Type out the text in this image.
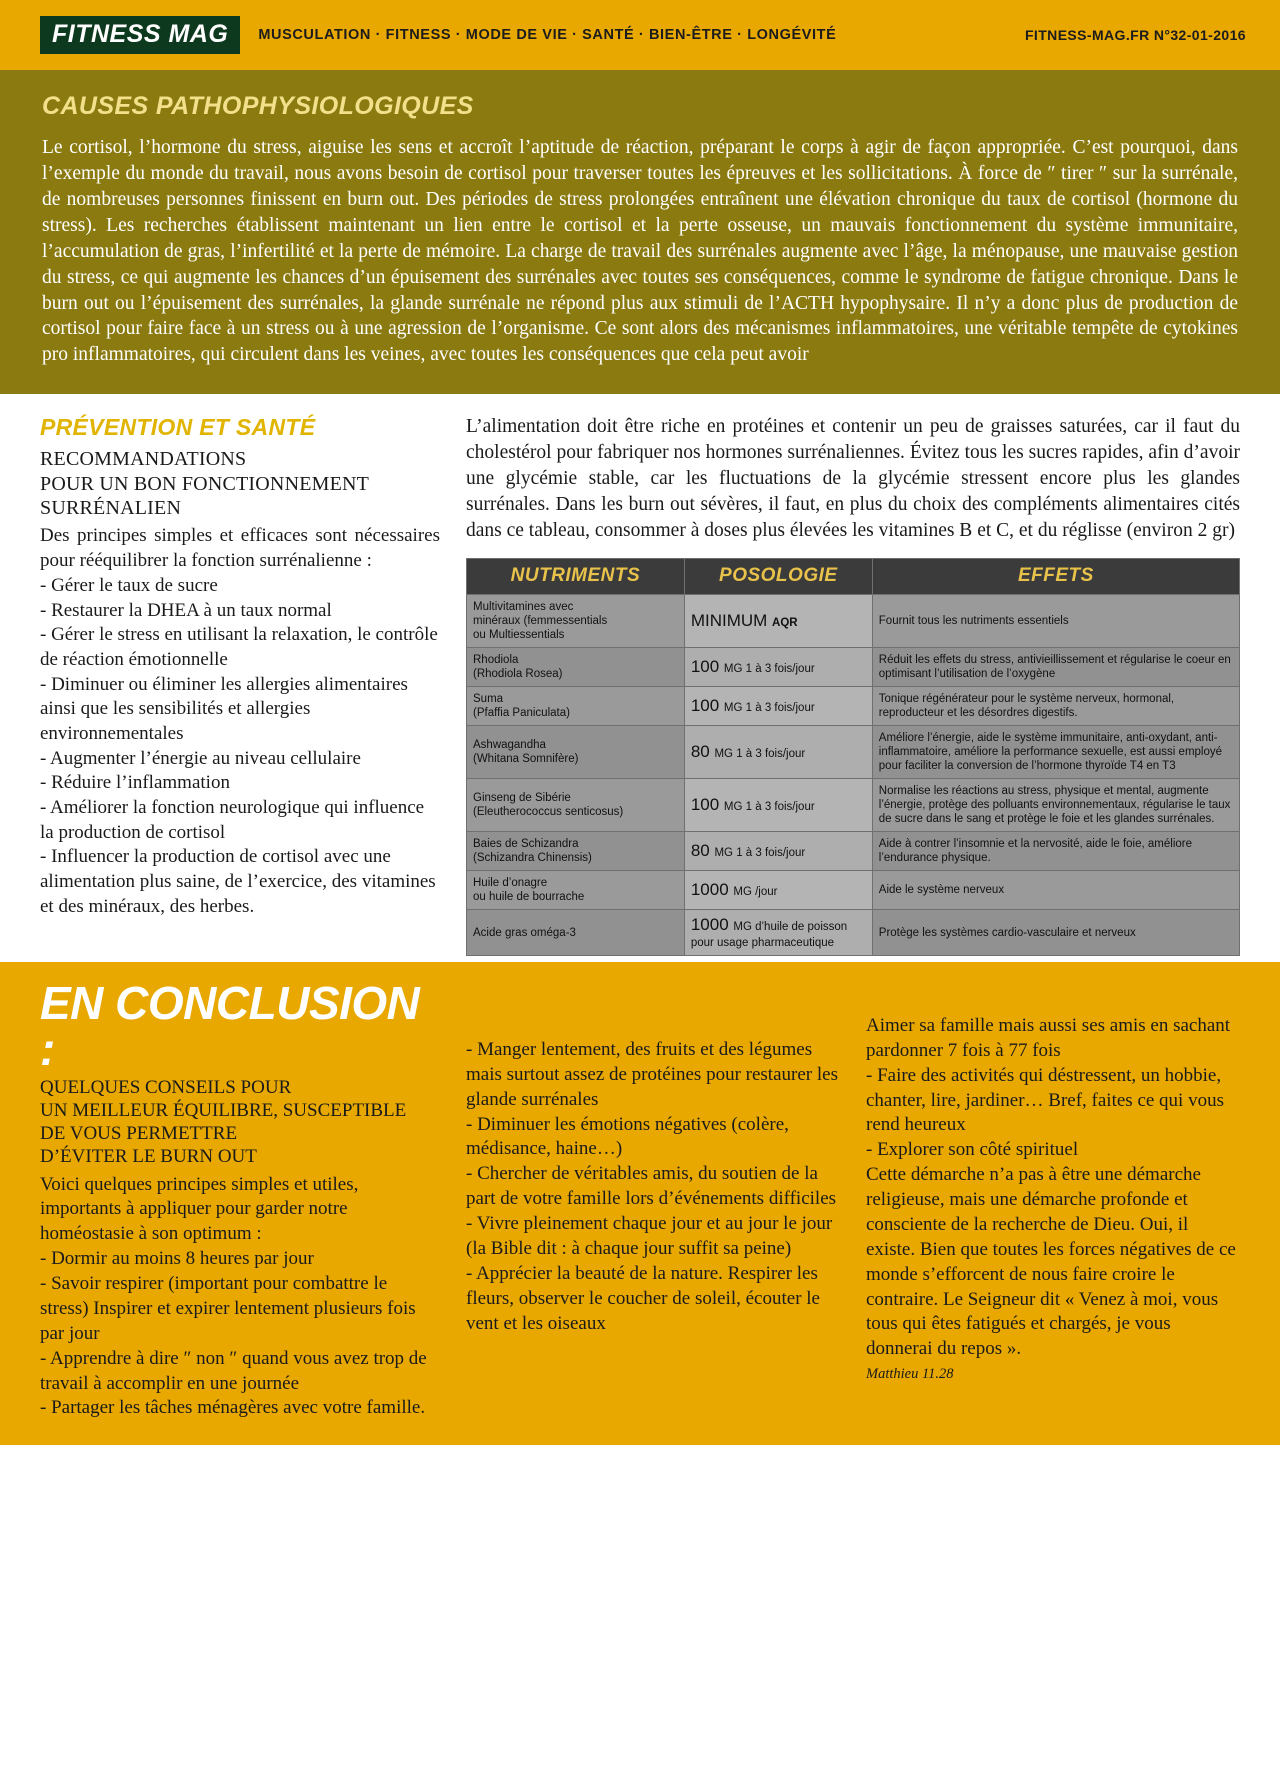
FITNESS MAG	MUSCULATION · FITNESS · MODE DE VIE · SANTÉ · BIEN-ÊTRE · LONGÉVITÉ	FITNESS-MAG.FR N°32-01-2016
CAUSES PATHOPHYSIOLOGIQUES

Le cortisol, l’hormone du stress, aiguise les sens et accroît l’aptitude de réaction, préparant le corps à agir de façon appropriée. C’est pourquoi, dans l’exemple du monde du travail, nous avons besoin de cortisol pour traverser toutes les épreuves et les sollicitations. À force de ″ tirer ″ sur la surrénale, de nombreuses personnes finissent en burn out. Des périodes de stress prolongées entraînent une élévation chronique du taux de cortisol (hormone du stress). Les recherches établissent maintenant un lien entre le cortisol et la perte osseuse, un mauvais fonctionnement du système immunitaire, l’accumulation de gras, l’infertilité et la perte de mémoire. La charge de travail des surrénales augmente avec l’âge, la ménopause, une mauvaise gestion du stress, ce qui augmente les chances d’un épuisement des surrénales avec toutes ses conséquences, comme le syndrome de fatigue chronique. Dans le burn out ou l’épuisement des surrénales, la glande surrénale ne répond plus aux stimuli de l’ACTH hypophysaire. Il n’y a donc plus de production de cortisol pour faire face à un stress ou à une agression de l’organisme. Ce sont alors des mécanismes inflammatoires, une véritable tempête de cytokines pro inflammatoires, qui circulent dans les veines, avec toutes les conséquences que cela peut avoir

PRÉVENTION ET SANTÉ
RECOMMANDATIONS
POUR UN BON FONCTIONNEMENT
SURRÉNALIEN

Des principes simples et efficaces sont nécessaires pour rééquilibrer la fonction surrénalienne :

- Gérer le taux de sucre
- Restaurer la DHEA à un taux normal
- Gérer le stress en utilisant la relaxation, le contrôle de réaction émotionnelle
- Diminuer ou éliminer les allergies alimentaires ainsi que les sensibilités et allergies environnementales
- Augmenter l’énergie au niveau cellulaire
- Réduire l’inflammation
- Améliorer la fonction neurologique qui influence la production de cortisol
- Influencer la production de cortisol avec une alimentation plus saine, de l’exercice, des vitamines et des minéraux, des herbes.

L’alimentation doit être riche en protéines et contenir un peu de graisses saturées, car il faut du cholestérol pour fabriquer nos hormones surrénaliennes. Évitez tous les sucres rapides, afin d’avoir une glycémie stable, car les fluctuations de la glycémie stressent encore plus les glandes surrénales. Dans les burn out sévères, il faut, en plus du choix des compléments alimentaires cités dans ce tableau, consommer à doses plus élevées les vitamines B et C, et du réglisse (environ 2 gr)

NUTRIMENTS	POSOLOGIE	EFFETS
Multivitamines avec
minéraux (femmessentials
ou Multiessentials	MINIMUM AQR	Fournit tous les nutriments essentiels
Rhodiola
(Rhodiola Rosea)	100 MG 1 à 3 fois/jour	Réduit les effets du stress, antivieillissement et régularise le coeur en optimisant l’utilisation de l’oxygène
Suma
(Pfaffia Paniculata)	100 MG 1 à 3 fois/jour	Tonique régénérateur pour le système nerveux, hormonal, reproducteur et les désordres digestifs.
Ashwagandha
(Whitana Somnifère)	80 MG 1 à 3 fois/jour	Améliore l’énergie, aide le système immunitaire, anti-oxydant, anti-inflammatoire, améliore la performance sexuelle, est aussi employé pour faciliter la conversion de l’hormone thyroïde T4 en T3
Ginseng de Sibérie
(Eleutherococcus senticosus)	100 MG 1 à 3 fois/jour	Normalise les réactions au stress, physique et mental, augmente l’énergie, protège des polluants environnementaux, régularise le taux de sucre dans le sang et protège le foie et les glandes surrénales.
Baies de Schizandra
(Schizandra Chinensis)	80 MG 1 à 3 fois/jour	Aide à contrer l’insomnie et la nervosité, aide le foie, améliore l’endurance physique.
Huile d’onagre
ou huile de bourrache	1000 MG /jour	Aide le système nerveux
Acide gras oméga-3	1000 MG d’huile de poisson
pour usage pharmaceutique	Protège les systèmes cardio-vasculaire et nerveux
EN CONCLUSION :
QUELQUES CONSEILS POUR
UN MEILLEUR ÉQUILIBRE, SUSCEPTIBLE
DE VOUS PERMETTRE
D’ÉVITER LE BURN OUT
Voici quelques principes simples et utiles, importants à appliquer pour garder notre homéostasie à son optimum :
- Dormir au moins 8 heures par jour
- Savoir respirer (important pour combattre le stress) Inspirer et expirer lentement plusieurs fois par jour
- Apprendre à dire ″ non ″ quand vous avez trop de travail à accomplir en une journée
- Partager les tâches ménagères avec votre famille.
- Manger lentement, des fruits et des légumes mais surtout assez de protéines pour restaurer les glande surrénales
- Diminuer les émotions négatives (colère, médisance, haine…)
- Chercher de véritables amis, du soutien de la part de votre famille lors d’événements difficiles
- Vivre pleinement chaque jour et au jour le jour (la Bible dit : à chaque jour suffit sa peine)
- Apprécier la beauté de la nature. Respirer les fleurs, observer le coucher de soleil, écouter le vent et les oiseaux
Aimer sa famille mais aussi ses amis en sachant pardonner 7 fois à 77 fois
- Faire des activités qui déstressent, un hobbie, chanter, lire, jardiner… Bref, faites ce qui vous rend heureux
- Explorer son côté spirituel
Cette démarche n’a pas à être une démarche religieuse, mais une démarche profonde et consciente de la recherche de Dieu. Oui, il existe. Bien que toutes les forces négatives de ce monde s’efforcent de nous faire croire le contraire. Le Seigneur dit « Venez à moi, vous tous qui êtes fatigués et chargés, je vous donnerai du repos ».
Matthieu 11.28
